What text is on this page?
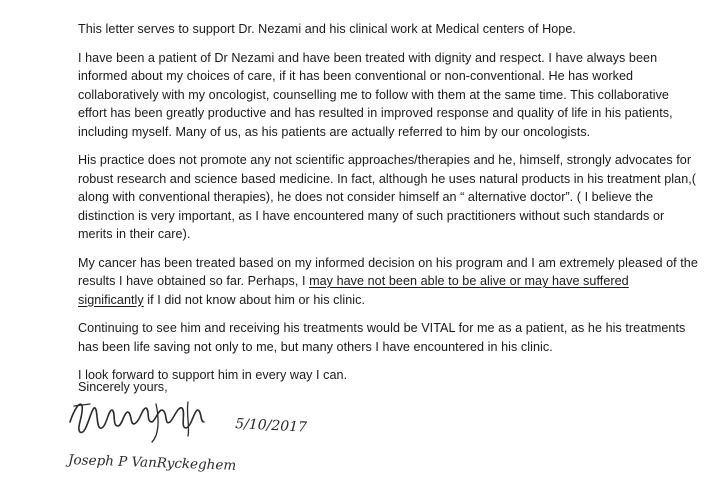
This letter serves to support Dr. Nezami and his clinical work at Medical centers of Hope.

I have been a patient of Dr Nezami and have been treated with dignity and respect. I have always been informed about my choices of care, if it has been conventional or non-conventional. He has worked collaboratively with my oncologist, counselling me to follow with them at the same time. This collaborative effort has been greatly productive and has resulted in improved response and quality of life in his patients, including myself. Many of us, as his patients are actually referred to him by our oncologists.

His practice does not promote any not scientific approaches/therapies and he, himself, strongly advocates for robust research and science based medicine. In fact, although he uses natural products in his treatment plan,( along with conventional therapies), he does not consider himself an “ alternative doctor”. ( I believe the distinction is very important, as I have encountered many of such practitioners without such standards or merits in their care).

My cancer has been treated based on my informed decision on his program and I am extremely pleased of the results I have obtained so far. Perhaps, I may have not been able to be alive or may have suffered significantly if I did not know about him or his clinic.

Continuing to see him and receiving his treatments would be VITAL for me as a patient, as he his treatments has been life saving not only to me, but many others I have encountered in his clinic.

I look forward to support him in every way I can.

Sincerely yours,
5/10/2017
Joseph P VanRyckeghem
